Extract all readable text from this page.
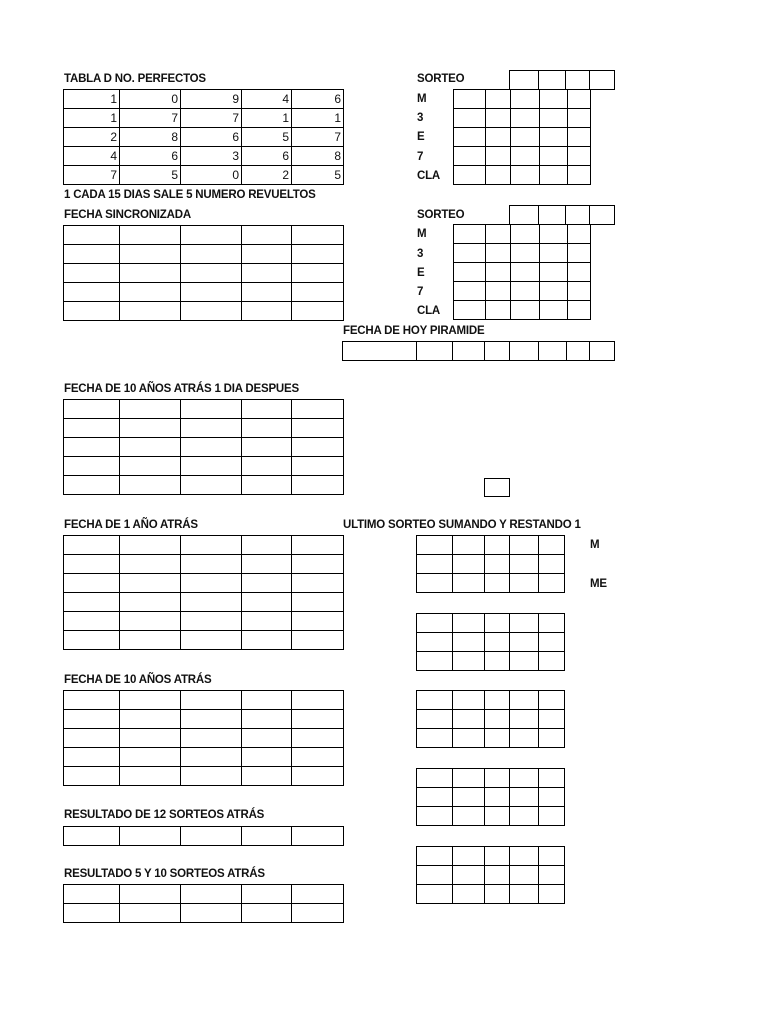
TABLA D NO. PERFECTOS
1 CADA 15 DIAS SALE 5 NUMERO REVUELTOS
FECHA SINCRONIZADA
FECHA DE 10 AÑOS ATRÁS 1 DIA DESPUES
FECHA DE 1 AÑO ATRÁS
FECHA DE 10 AÑOS ATRÁS
RESULTADO DE 12 SORTEOS ATRÁS
RESULTADO 5 Y 10 SORTEOS ATRÁS
SORTEO
SORTEO
FECHA DE HOY PIRAMIDE
ULTIMO SORTEO SUMANDO Y RESTANDO 1
M
ME
M
3
E
7
CLA
M
3
E
7
CLA
1	0	9	4	6
1	7	7	1	1
2	8	6	5	7
4	6	3	6	8
7	5	0	2	5
